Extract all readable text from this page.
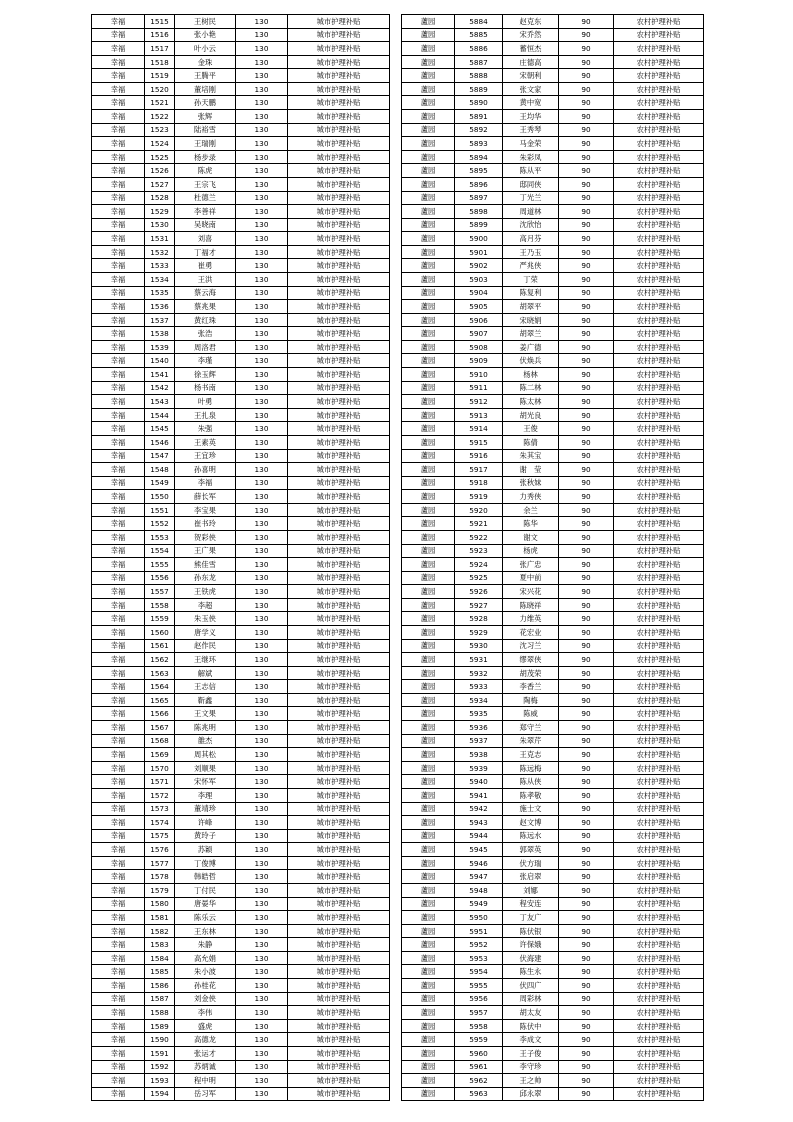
幸福	1515	王树民	130	城市护理补贴
幸福	1516	张小艳	130	城市护理补贴
幸福	1517	叶小云	130	城市护理补贴
幸福	1518	金珠	130	城市护理补贴
幸福	1519	王腾平	130	城市护理补贴
幸福	1520	董培刚	130	城市护理补贴
幸福	1521	孙天鹏	130	城市护理补贴
幸福	1522	张辉	130	城市护理补贴
幸福	1523	陆裕雪	130	城市护理补贴
幸福	1524	王瑞刚	130	城市护理补贴
幸福	1525	杨步录	130	城市护理补贴
幸福	1526	陈虎	130	城市护理补贴
幸福	1527	王宗飞	130	城市护理补贴
幸福	1528	杜德兰	130	城市护理补贴
幸福	1529	李善祥	130	城市护理补贴
幸福	1530	吴晓南	130	城市护理补贴
幸福	1531	刘喜	130	城市护理补贴
幸福	1532	丁福才	130	城市护理补贴
幸福	1533	崔勇	130	城市护理补贴
幸福	1534	王洪	130	城市护理补贴
幸福	1535	蔡云海	130	城市护理补贴
幸福	1536	蔡兆果	130	城市护理补贴
幸福	1537	黄红珠	130	城市护理补贴
幸福	1538	张浩	130	城市护理补贴
幸福	1539	周洛君	130	城市护理补贴
幸福	1540	李瑾	130	城市护理补贴
幸福	1541	徐玉辉	130	城市护理补贴
幸福	1542	杨书南	130	城市护理补贴
幸福	1543	叶勇	130	城市护理补贴
幸福	1544	王扎泉	130	城市护理补贴
幸福	1545	朱强	130	城市护理补贴
幸福	1546	王素英	130	城市护理补贴
幸福	1547	王宜珍	130	城市护理补贴
幸福	1548	孙喜明	130	城市护理补贴
幸福	1549	李福	130	城市护理补贴
幸福	1550	薛长军	130	城市护理补贴
幸福	1551	李宝果	130	城市护理补贴
幸福	1552	崔书玲	130	城市护理补贴
幸福	1553	贺彩侠	130	城市护理补贴
幸福	1554	王广果	130	城市护理补贴
幸福	1555	熊佳雪	130	城市护理补贴
幸福	1556	孙东龙	130	城市护理补贴
幸福	1557	王铁虎	130	城市护理补贴
幸福	1558	李超	130	城市护理补贴
幸福	1559	朱玉侠	130	城市护理补贴
幸福	1560	唐学义	130	城市护理补贴
幸福	1561	赵作民	130	城市护理补贴
幸福	1562	王继环	130	城市护理补贴
幸福	1563	解斌	130	城市护理补贴
幸福	1564	王志信	130	城市护理补贴
幸福	1565	靳鑫	130	城市护理补贴
幸福	1566	王文果	130	城市护理补贴
幸福	1567	陈兆明	130	城市护理补贴
幸福	1568	雒杰	130	城市护理补贴
幸福	1569	周其松	130	城市护理补贴
幸福	1570	刘顺果	130	城市护理补贴
幸福	1571	宋怀军	130	城市护理补贴
幸福	1572	李理	130	城市护理补贴
幸福	1573	董靖珍	130	城市护理补贴
幸福	1574	许峰	130	城市护理补贴
幸福	1575	黄玲子	130	城市护理补贴
幸福	1576	苏颖	130	城市护理补贴
幸福	1577	丁俊博	130	城市护理补贴
幸福	1578	韩皓哲	130	城市护理补贴
幸福	1579	丁付民	130	城市护理补贴
幸福	1580	唐晏华	130	城市护理补贴
幸福	1581	陈乐云	130	城市护理补贴
幸福	1582	王东林	130	城市护理补贴
幸福	1583	朱静	130	城市护理补贴
幸福	1584	高允娟	130	城市护理补贴
幸福	1585	朱小波	130	城市护理补贴
幸福	1586	孙桂花	130	城市护理补贴
幸福	1587	刘金侠	130	城市护理补贴
幸福	1588	李伟	130	城市护理补贴
幸福	1589	盛虎	130	城市护理补贴
幸福	1590	高德龙	130	城市护理补贴
幸福	1591	张运才	130	城市护理补贴
幸福	1592	苏炳诚	130	城市护理补贴
幸福	1593	程中明	130	城市护理补贴
幸福	1594	岳习军	130	城市护理补贴
蘆园	5884	赵克东	90	农村护理补贴
蘆园	5885	宋乔然	90	农村护理补贴
蘆园	5886	蓄恒杰	90	农村护理补贴
蘆园	5887	庄德高	90	农村护理补贴
蘆园	5888	宋朝利	90	农村护理补贴
蘆园	5889	张文家	90	农村护理补贴
蘆园	5890	黄中宽	90	农村护理补贴
蘆园	5891	王均华	90	农村护理补贴
蘆园	5892	王秀琴	90	农村护理补贴
蘆园	5893	马金荣	90	农村护理补贴
蘆园	5894	朱彩凤	90	农村护理补贴
蘆园	5895	陈从平	90	农村护理补贴
蘆园	5896	邸同侠	90	农村护理补贴
蘆园	5897	丁光兰	90	农村护理补贴
蘆园	5898	周道林	90	农村护理补贴
蘆园	5899	沈欣怡	90	农村护理补贴
蘆园	5900	高月芬	90	农村护理补贴
蘆园	5901	王乃玉	90	农村护理补贴
蘆园	5902	严兆侠	90	农村护理补贴
蘆园	5903	丁荣	90	农村护理补贴
蘆园	5904	陈复利	90	农村护理补贴
蘆园	5905	胡翠平	90	农村护理补贴
蘆园	5906	宋晓娟	90	农村护理补贴
蘆园	5907	胡翠兰	90	农村护理补贴
蘆园	5908	姜广德	90	农村护理补贴
蘆园	5909	伏焕兵	90	农村护理补贴
蘆园	5910	杨林	90	农村护理补贴
蘆园	5911	陈二林	90	农村护理补贴
蘆园	5912	陈太林	90	农村护理补贴
蘆园	5913	胡光良	90	农村护理补贴
蘆园	5914	王俊	90	农村护理补贴
蘆园	5915	陈倩	90	农村护理补贴
蘆园	5916	朱其宝	90	农村护理补贴
蘆园	5917	谢　莹	90	农村护理补贴
蘆园	5918	张秋妹	90	农村护理补贴
蘆园	5919	力秀侠	90	农村护理补贴
蘆园	5920	余兰	90	农村护理补贴
蘆园	5921	陈华	90	农村护理补贴
蘆园	5922	谢文	90	农村护理补贴
蘆园	5923	杨虎	90	农村护理补贴
蘆园	5924	张广忠	90	农村护理补贴
蘆园	5925	夏中前	90	农村护理补贴
蘆园	5926	宋兴花	90	农村护理补贴
蘆园	5927	陈晓祥	90	农村护理补贴
蘆园	5928	力维英	90	农村护理补贴
蘆园	5929	花宏业	90	农村护理补贴
蘆园	5930	沈习兰	90	农村护理补贴
蘆园	5931	缪翠侠	90	农村护理补贴
蘆园	5932	胡茂荣	90	农村护理补贴
蘆园	5933	李香兰	90	农村护理补贴
蘆园	5934	陶梅	90	农村护理补贴
蘆园	5935	陈威	90	农村护理补贴
蘆园	5936	郑守兰	90	农村护理补贴
蘆园	5937	朱翠芹	90	农村护理补贴
蘆园	5938	王克志	90	农村护理补贴
蘆园	5939	陈远梅	90	农村护理补贴
蘆园	5940	陈从侠	90	农村护理补贴
蘆园	5941	陈孝敬	90	农村护理补贴
蘆园	5942	施士文	90	农村护理补贴
蘆园	5943	赵文博	90	农村护理补贴
蘆园	5944	陈远水	90	农村护理补贴
蘆园	5945	郭翠英	90	农村护理补贴
蘆园	5946	伏方瑞	90	农村护理补贴
蘆园	5947	张启翠	90	农村护理补贴
蘆园	5948	刘娜	90	农村护理补贴
蘆园	5949	程安连	90	农村护理补贴
蘆园	5950	丁友广	90	农村护理补贴
蘆园	5951	陈伏银	90	农村护理补贴
蘆园	5952	许保娥	90	农村护理补贴
蘆园	5953	伏海建	90	农村护理补贴
蘆园	5954	陈生永	90	农村护理补贴
蘆园	5955	伏四广	90	农村护理补贴
蘆园	5956	周彩林	90	农村护理补贴
蘆园	5957	胡太友	90	农村护理补贴
蘆园	5958	陈伏中	90	农村护理补贴
蘆园	5959	李成文	90	农村护理补贴
蘆园	5960	王子俊	90	农村护理补贴
蘆园	5961	李守珍	90	农村护理补贴
蘆园	5962	王之帅	90	农村护理补贴
蘆园	5963	邱永翠	90	农村护理补贴
